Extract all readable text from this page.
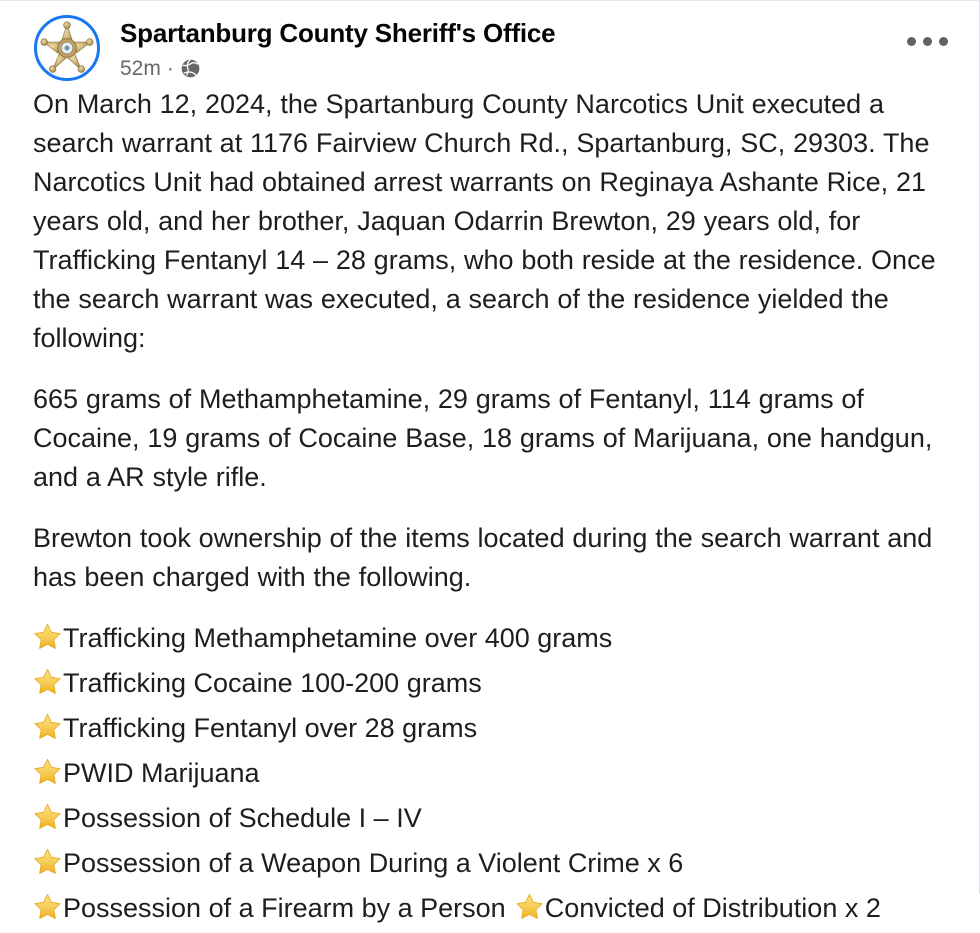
Spartanburg County Sheriff's Office
52m ·

On March 12, 2024, the Spartanburg County Narcotics Unit executed a search warrant at 1176 Fairview Church Rd., Spartanburg, SC, 29303. The Narcotics Unit had obtained arrest warrants on Reginaya Ashante Rice, 21 years old, and her brother, Jaquan Odarrin Brewton, 29 years old, for Trafficking Fentanyl 14 – 28 grams, who both reside at the residence. Once the search warrant was executed, a search of the residence yielded the following:

665 grams of Methamphetamine, 29 grams of Fentanyl, 114 grams of Cocaine, 19 grams of Cocaine Base, 18 grams of Marijuana, one handgun, and a AR style rifle.

Brewton took ownership of the items located during the search warrant and has been charged with the following.

Trafficking Methamphetamine over 400 grams
Trafficking Cocaine 100-200 grams
Trafficking Fentanyl over 28 grams
PWID Marijuana
Possession of Schedule I – IV
Possession of a Weapon During a Violent Crime x 6
Possession of a Firearm by a Person Convicted of Distribution x 2
